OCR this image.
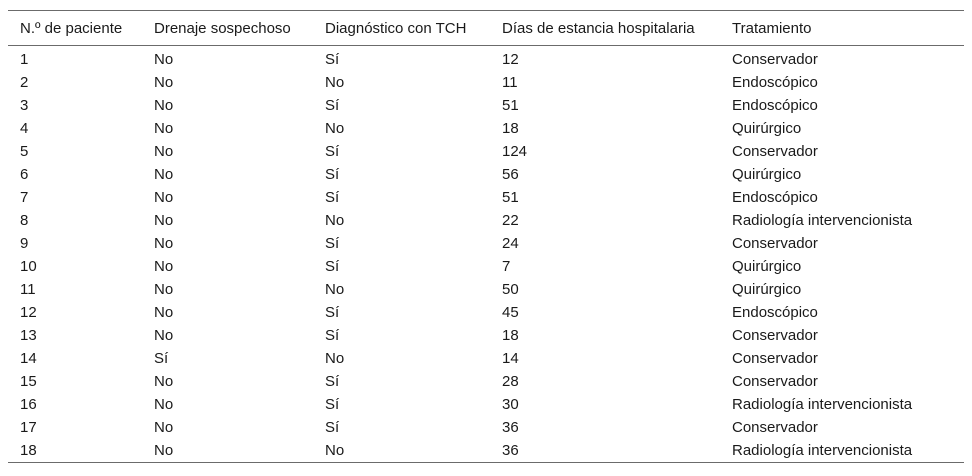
N.º de paciente	Drenaje sospechoso	Diagnóstico con TCH	Días de estancia hospitalaria	Tratamiento
1	No	Sí	12	Conservador
2	No	No	11	Endoscópico
3	No	Sí	51	Endoscópico
4	No	No	18	Quirúrgico
5	No	Sí	124	Conservador
6	No	Sí	56	Quirúrgico
7	No	Sí	51	Endoscópico
8	No	No	22	Radiología intervencionista
9	No	Sí	24	Conservador
10	No	Sí	7	Quirúrgico
11	No	No	50	Quirúrgico
12	No	Sí	45	Endoscópico
13	No	Sí	18	Conservador
14	Sí	No	14	Conservador
15	No	Sí	28	Conservador
16	No	Sí	30	Radiología intervencionista
17	No	Sí	36	Conservador
18	No	No	36	Radiología intervencionista
